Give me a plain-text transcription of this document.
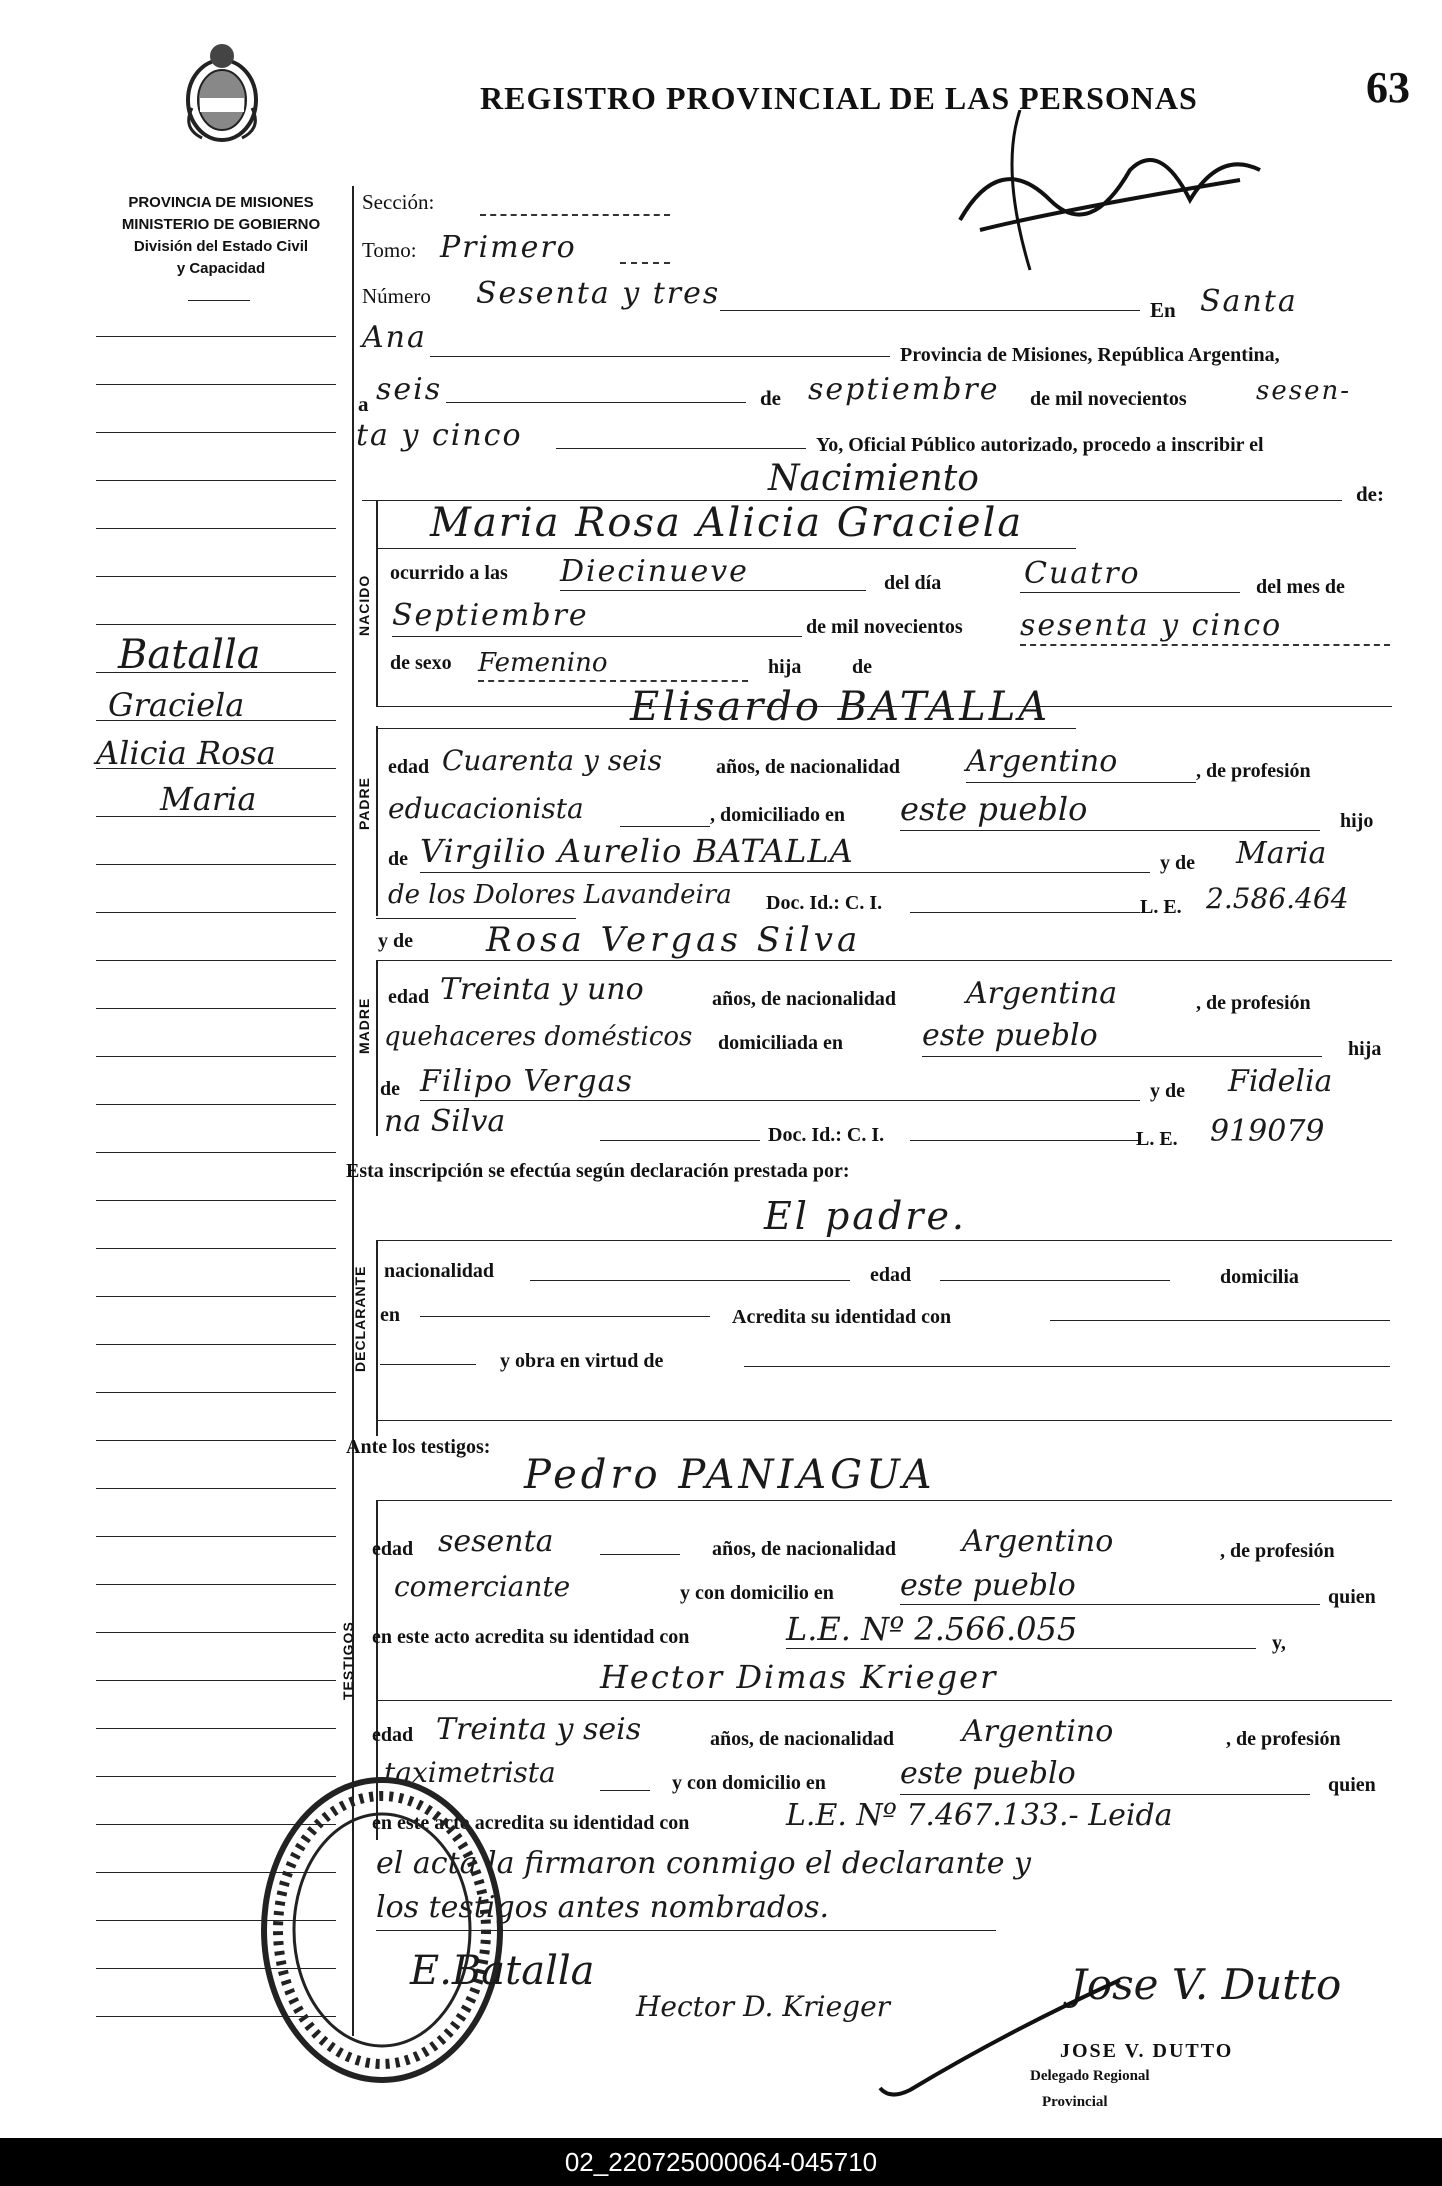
REGISTRO PROVINCIAL DE LAS PERSONAS	63
PROVINCIA DE MISIONES
MINISTERIO DE GOBIERNO
División del Estado Civil
y Capacidad
Batalla
Graciela
Alicia Rosa
Maria
Sección:
Tomo: Primero
Número Sesenta y tres	En Santa
Ana	Provincia de Misiones, República Argentina,
a seis	de septiembre de mil novecientos	sesen-
ta y cinco	Yo, Oficial Público autorizado, procedo a inscribir el
Nacimiento	de:
NACIDO
Maria Rosa Alicia Graciela
ocurrido a las Diecinueve	del día	Cuatro	del mes de
Septiembre	de mil novecientos sesenta y cinco
de sexo Femenino	hija	de
PADRE
Elisardo BATALLA
edad Cuarenta y seis	años, de nacionalidad Argentino	, de profesión
educacionista	, domiciliado en este pueblo	hijo
de Virgilio Aurelio BATALLA	y de Maria
de los Dolores Lavandeira Doc. Id.: C. I.	L. E. 2.586.464
y de Rosa Vergas Silva
MADRE
edad Treinta y uno	años, de nacionalidad Argentina	, de profesión
quehaceres domésticos domiciliada en	este pueblo	hija
de Filipo Vergas	y de Fidelia
na Silva	Doc. Id.: C. I.	L. E. 919079
Esta inscripción se efectúa según declaración prestada por:
El padre.
DECLARANTE nacionalidad	edad	domicilia
en	Acredita su identidad con
y obra en virtud de
Ante los testigos:
Pedro PANIAGUA
TESTIGOS
edad sesenta	años, de nacionalidad Argentino	, de profesión
comerciante	y con domicilio en este pueblo	quien
en este acto acredita su identidad con	L.E. Nº 2.566.055	y,
Hector Dimas Krieger
edad Treinta y seis	años, de nacionalidad Argentino	, de profesión
taximetrista	y con domicilio en este pueblo	quien
en este acto acredita su identidad con	L.E. Nº 7.467.133.- Leida
el acta la firmaron conmigo el declarante y
los testigos antes nombrados.
E.Batalla
Hector D. Krieger	Jose V. Dutto
JOSE V. DUTTO
Delegado Regional
Provincial
02_220725000064-045710
